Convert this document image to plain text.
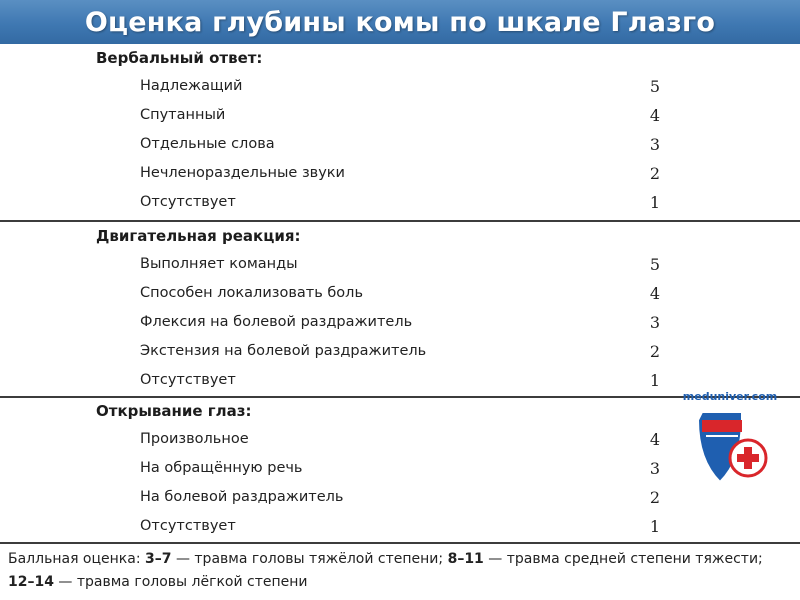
Оценка глубины комы по шкале Глазго
Вербальный ответ:
Надлежащий	5
Спутанный	4
Отдельные слова	3
Нечленораздельные звуки	2
Отсутствует	1
Двигательная реакция:
Выполняет команды	5
Способен локализовать боль	4
Флексия на болевой раздражитель	3
Экстензия на болевой раздражитель	2
Отсутствует	1
Открывание глаз:
Произвольное	4
На обращённую речь	3
На болевой раздражитель	2
Отсутствует	1
Балльная оценка: 3–7 — травма головы тяжёлой степени; 8–11 — травма средней степени тяжести;
12–14 — травма головы лёгкой степени
meduniver.com
